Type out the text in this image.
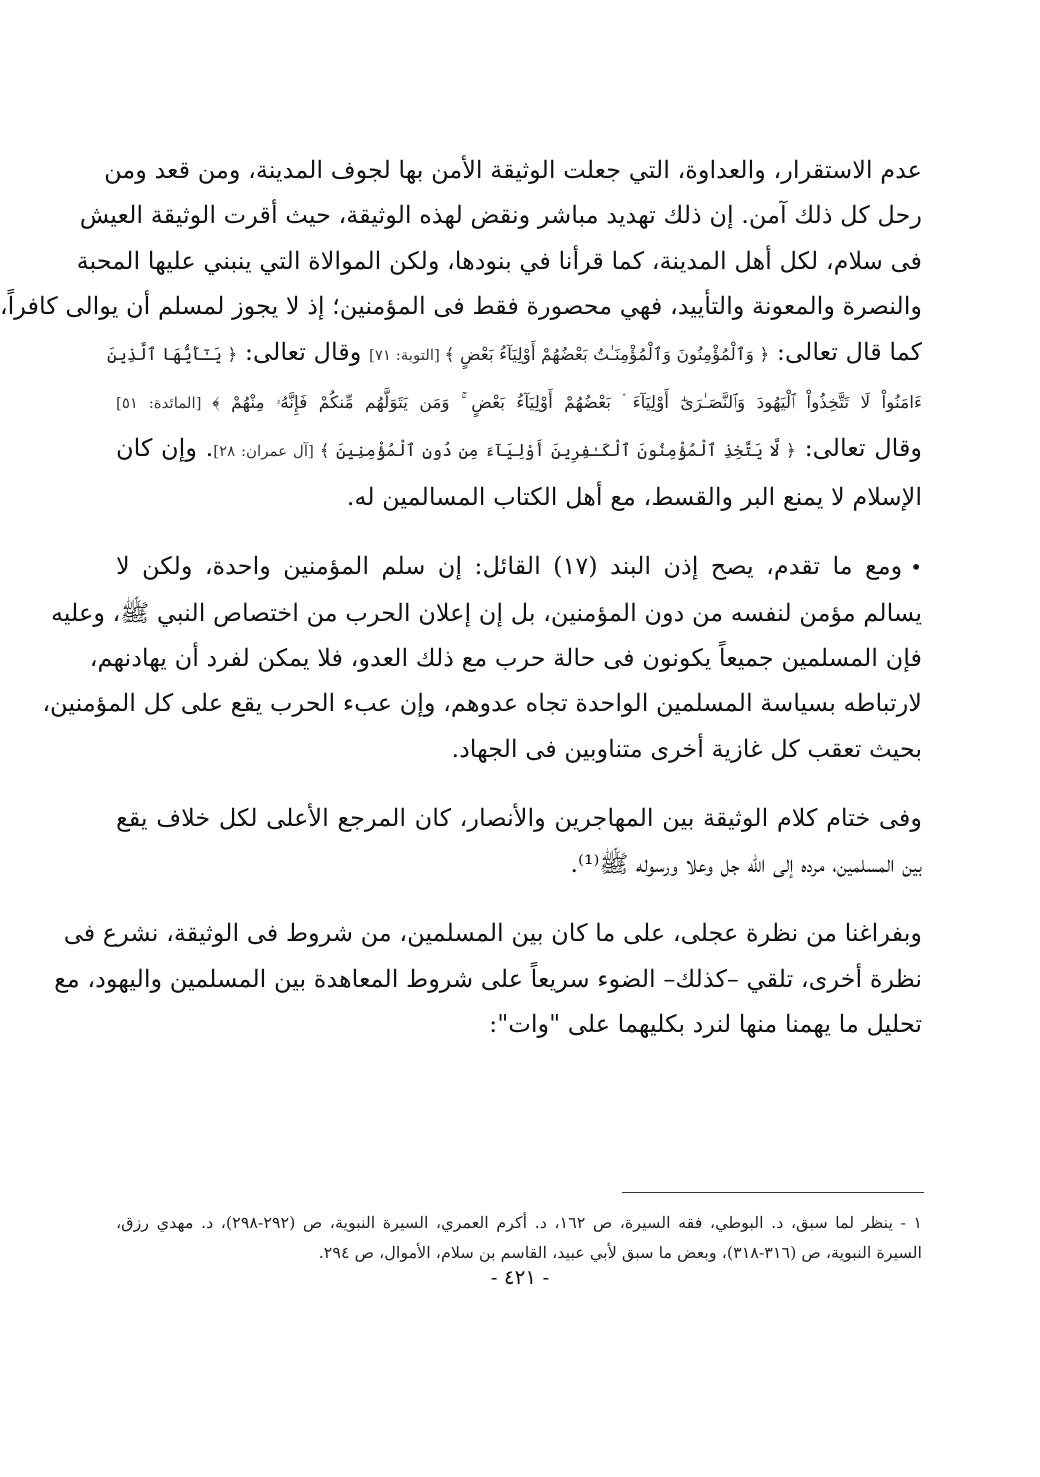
عدم الاستقرار، والعداوة، التي جعلت الوثيقة الأمن بها لجوف المدينة، ومن قعد ومن
رحل كل ذلك آمن. إن ذلك تهديد مباشر ونقض لهذه الوثيقة، حيث أقرت الوثيقة العيش
فى سلام، لكل أهل المدينة، كما قرأنا في بنودها، ولكن الموالاة التي ينبني عليها المحبة
والنصرة والمعونة والتأييد، فهي محصورة فقط فى المؤمنين؛ إذ لا يجوز لمسلم أن يوالى كافراً،
كما قال تعالى: ﴿ وَٱلْمُؤْمِنُونَ وَٱلْمُؤْمِنَـٰتُ بَعْضُهُمْ أَوْلِيَآءُ بَعْضٍ ﴾ [التوبة: ٧١] وقال تعالى: ﴿ يَـٰٓأَيُّهَا ٱلَّذِينَ
ءَامَنُواْ لَا تَتَّخِذُواْ ٱلْيَهُودَ وَٱلنَّصَـٰرَىٰٓ أَوْلِيَآءَ ۘ بَعْضُهُمْ أَوْلِيَآءُ بَعْضٍ ۚ وَمَن يَتَوَلَّهُم مِّنكُمْ فَإِنَّهُۥ مِنْهُمْ ﴾ [المائدة: ٥١]
وقال تعالى: ﴿ لَّا يَتَّخِذِ ٱلْمُؤْمِنُونَ ٱلْكَـٰفِرِينَ أَوْلِيَآءَ مِن دُونِ ٱلْمُؤْمِنِينَ ﴾ [آل عمران: ٢٨]. وإن كان
الإسلام لا يمنع البر والقسط، مع أهل الكتاب المسالمين له.

•ومع ما تقدم، يصح إذن البند (١٧) القائل: إن سلم المؤمنين واحدة، ولكن لا
يسالم مؤمن لنفسه من دون المؤمنين، بل إن إعلان الحرب من اختصاص النبي ﷺ، وعليه
فإن المسلمين جميعاً يكونون فى حالة حرب مع ذلك العدو، فلا يمكن لفرد أن يهادنهم،
لارتباطه بسياسة المسلمين الواحدة تجاه عدوهم، وإن عبء الحرب يقع على كل المؤمنين،
بحيث تعقب كل غازية أخرى متناوبين فى الجهاد.

وفى ختام كلام الوثيقة بين المهاجرين والأنصار، كان المرجع الأعلى لكل خلاف يقع
بين المسلمين، مرده إلى الله جل وعلا ورسوله ﷺ⁽¹⁾.

وبفراغنا من نظرة عجلى، على ما كان بين المسلمين، من شروط فى الوثيقة، نشرع فى
نظرة أخرى، تلقي –كذلك– الضوء سريعاً على شروط المعاهدة بين المسلمين واليهود، مع
تحليل ما يهمنا منها لنرد بكليهما على "وات":

١ - ينظر لما سبق، د. البوطي، فقه السيرة، ص ١٦٢، د. أكرم العمري، السيرة النبوية، ص (٢٩٢-٢٩٨)، د. مهدي رزق،
السيرة النبوية، ص (٣١٦-٣١٨)، وبعض ما سبق لأبي عبيد، القاسم بن سلام، الأموال، ص ٢٩٤.
- ٤٢١ -
